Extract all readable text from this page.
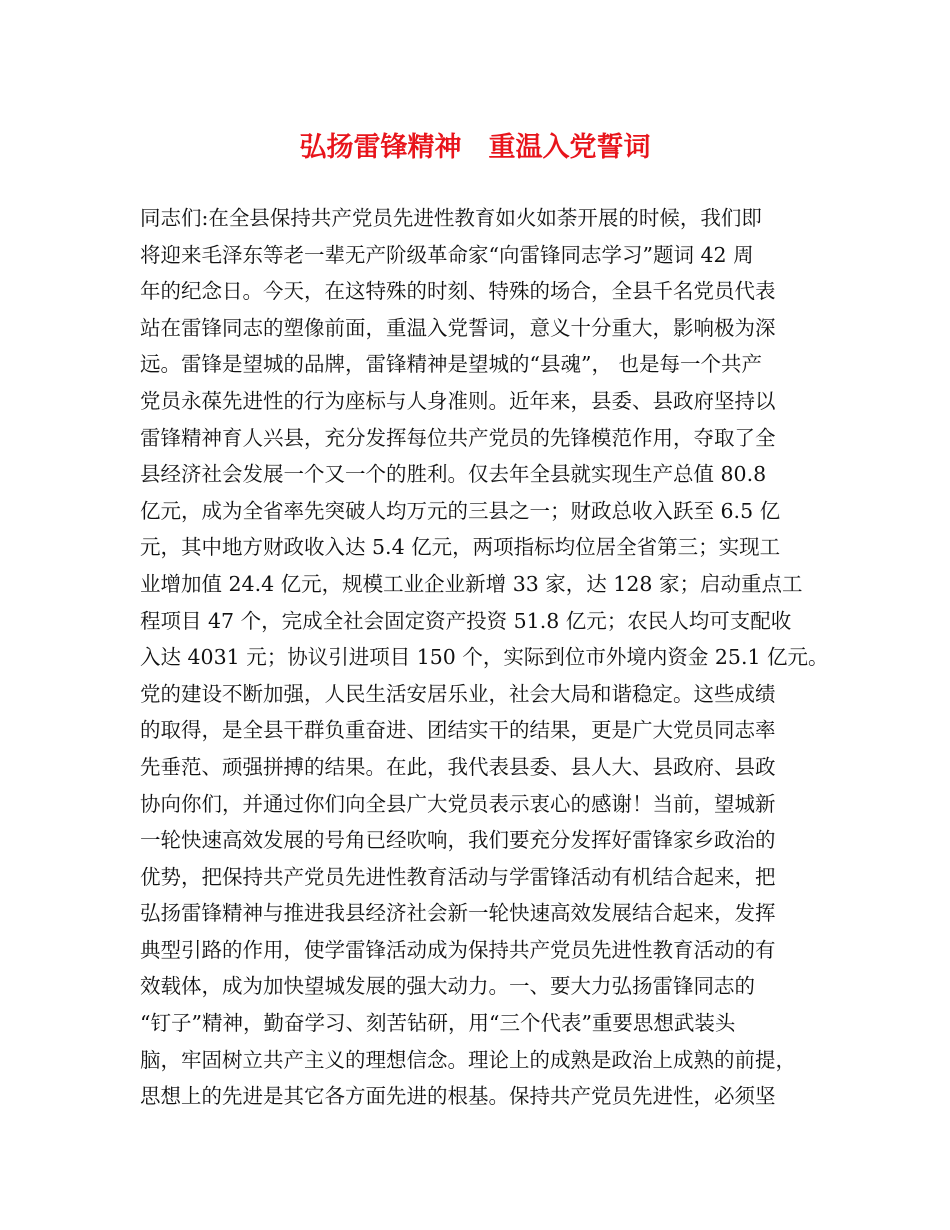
弘扬雷锋精神　重温入党誓词
同志们:在全县保持共产党员先进性教育如火如荼开展的时候，我们即
将迎来毛泽东等老一辈无产阶级革命家“向雷锋同志学习”题词 42 周
年的纪念日。今天，在这特殊的时刻、特殊的场合，全县千名党员代表
站在雷锋同志的塑像前面，重温入党誓词，意义十分重大，影响极为深
远。雷锋是望城的品牌，雷锋精神是望城的“县魂”， 也是每一个共产
党员永葆先进性的行为座标与人身准则。近年来，县委、县政府坚持以
雷锋精神育人兴县，充分发挥每位共产党员的先锋模范作用，夺取了全
县经济社会发展一个又一个的胜利。仅去年全县就实现生产总值 80.8
亿元，成为全省率先突破人均万元的三县之一；财政总收入跃至 6.5 亿
元，其中地方财政收入达 5.4 亿元，两项指标均位居全省第三；实现工
业增加值 24.4 亿元，规模工业企业新增 33 家，达 128 家；启动重点工
程项目 47 个，完成全社会固定资产投资 51.8 亿元；农民人均可支配收
入达 4031 元；协议引进项目 150 个，实际到位市外境内资金 25.1 亿元。
党的建设不断加强，人民生活安居乐业，社会大局和谐稳定。这些成绩
的取得，是全县干群负重奋进、团结实干的结果，更是广大党员同志率
先垂范、顽强拼搏的结果。在此，我代表县委、县人大、县政府、县政
协向你们，并通过你们向全县广大党员表示衷心的感谢！当前，望城新
一轮快速高效发展的号角已经吹响，我们要充分发挥好雷锋家乡政治的
优势，把保持共产党员先进性教育活动与学雷锋活动有机结合起来，把
弘扬雷锋精神与推进我县经济社会新一轮快速高效发展结合起来，发挥
典型引路的作用，使学雷锋活动成为保持共产党员先进性教育活动的有
效载体，成为加快望城发展的强大动力。一、要大力弘扬雷锋同志的
“钉子”精神，勤奋学习、刻苦钻研，用“三个代表”重要思想武装头
脑，牢固树立共产主义的理想信念。理论上的成熟是政治上成熟的前提，
思想上的先进是其它各方面先进的根基。保持共产党员先进性，必须坚
